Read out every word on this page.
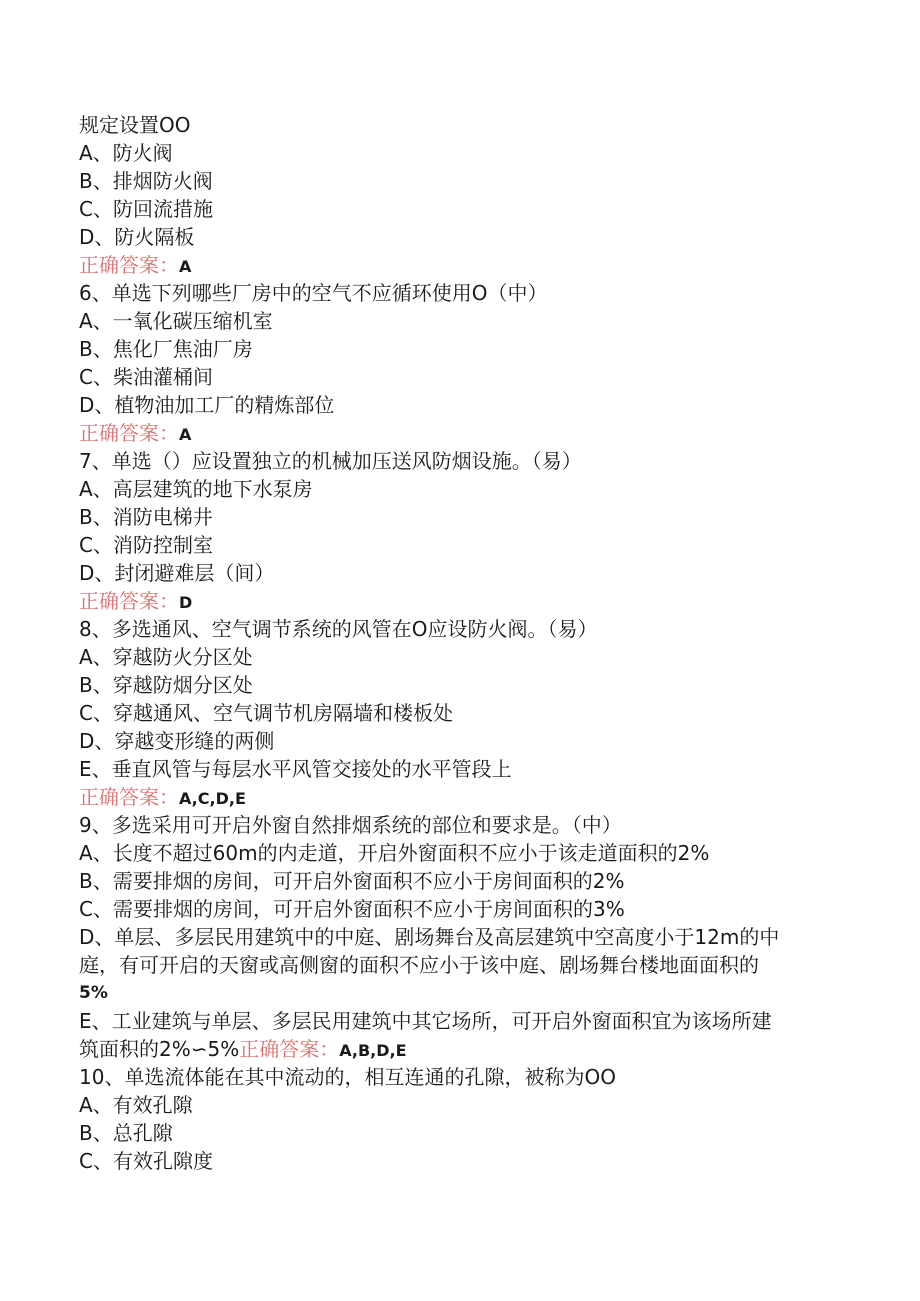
规定设置OO
A、防火阀
B、排烟防火阀
C、防回流措施
D、防火隔板
正确答案：A
6、单选下列哪些厂房中的空气不应循环使用O（中）
A、一氧化碳压缩机室
B、焦化厂焦油厂房
C、柴油灌桶间
D、植物油加工厂的精炼部位
正确答案：A
7、单选（）应设置独立的机械加压送风防烟设施。（易）
A、高层建筑的地下水泵房
B、消防电梯井
C、消防控制室
D、封闭避难层（间）
正确答案：D
8、多选通风、空气调节系统的风管在O应设防火阀。（易）
A、穿越防火分区处
B、穿越防烟分区处
C、穿越通风、空气调节机房隔墙和楼板处
D、穿越变形缝的两侧
E、垂直风管与每层水平风管交接处的水平管段上
正确答案：A,C,D,E
9、多选采用可开启外窗自然排烟系统的部位和要求是。（中）
A、长度不超过60m的内走道，开启外窗面积不应小于该走道面积的2%
B、需要排烟的房间，可开启外窗面积不应小于房间面积的2%
C、需要排烟的房间，可开启外窗面积不应小于房间面积的3%
D、单层、多层民用建筑中的中庭、剧场舞台及高层建筑中空高度小于12m的中
庭，有可开启的天窗或高侧窗的面积不应小于该中庭、剧场舞台楼地面面积的
5%
E、工业建筑与单层、多层民用建筑中其它场所，可开启外窗面积宜为该场所建
筑面积的2%∽5%正确答案：A,B,D,E
10、单选流体能在其中流动的，相互连通的孔隙，被称为OO
A、有效孔隙
B、总孔隙
C、有效孔隙度
